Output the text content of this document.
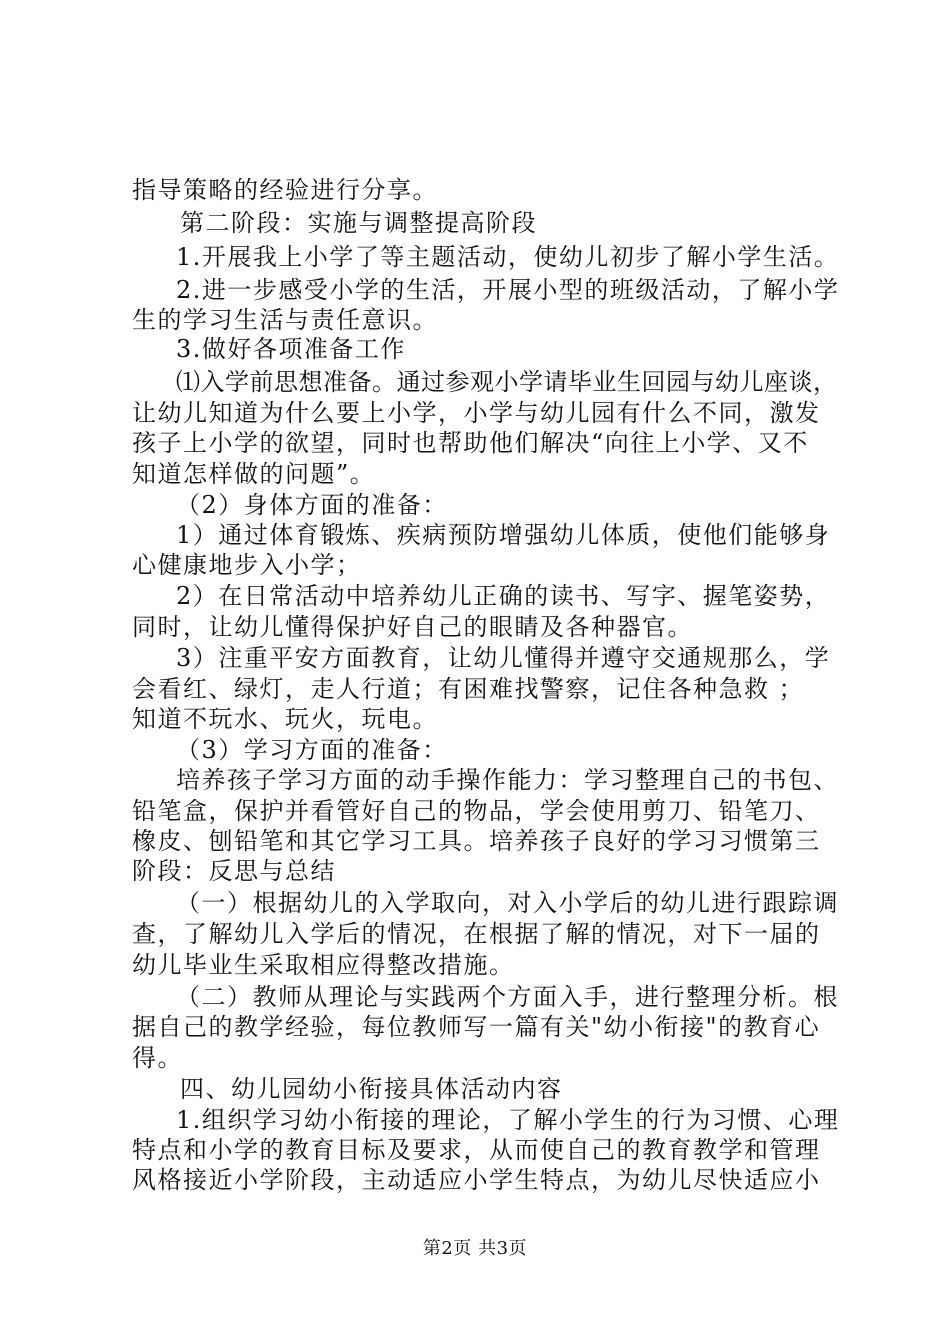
指导策略的经验进行分享。
第二阶段：实施与调整提高阶段
1.开展我上小学了等主题活动，使幼儿初步了解小学生活。
2.进一步感受小学的生活，开展小型的班级活动，了解小学
生的学习生活与责任意识。
3.做好各项准备工作
⑴入学前思想准备。通过参观小学请毕业生回园与幼儿座谈，
让幼儿知道为什么要上小学，小学与幼儿园有什么不同，激发
孩子上小学的欲望，同时也帮助他们解决“向往上小学、又不
知道怎样做的问题”。
（2）身体方面的准备：
1）通过体育锻炼、疾病预防增强幼儿体质，使他们能够身
心健康地步入小学；
2）在日常活动中培养幼儿正确的读书、写字、握笔姿势，
同时，让幼儿懂得保护好自己的眼睛及各种器官。
3）注重平安方面教育，让幼儿懂得并遵守交通规那么，学
会看红、绿灯，走人行道；有困难找警察，记住各种急救 ；
知道不玩水、玩火，玩电。
（3）学习方面的准备：
培养孩子学习方面的动手操作能力：学习整理自己的书包、
铅笔盒，保护并看管好自己的物品，学会使用剪刀、铅笔刀、
橡皮、刨铅笔和其它学习工具。培养孩子良好的学习习惯第三
阶段：反思与总结
（一）根据幼儿的入学取向，对入小学后的幼儿进行跟踪调
查，了解幼儿入学后的情况，在根据了解的情况，对下一届的
幼儿毕业生采取相应得整改措施。
（二）教师从理论与实践两个方面入手，进行整理分析。根
据自己的教学经验，每位教师写一篇有关"幼小衔接"的教育心
得。
四、幼儿园幼小衔接具体活动内容
1.组织学习幼小衔接的理论，了解小学生的行为习惯、心理
特点和小学的教育目标及要求，从而使自己的教育教学和管理
风格接近小学阶段，主动适应小学生特点，为幼儿尽快适应小
第2页 共3页
